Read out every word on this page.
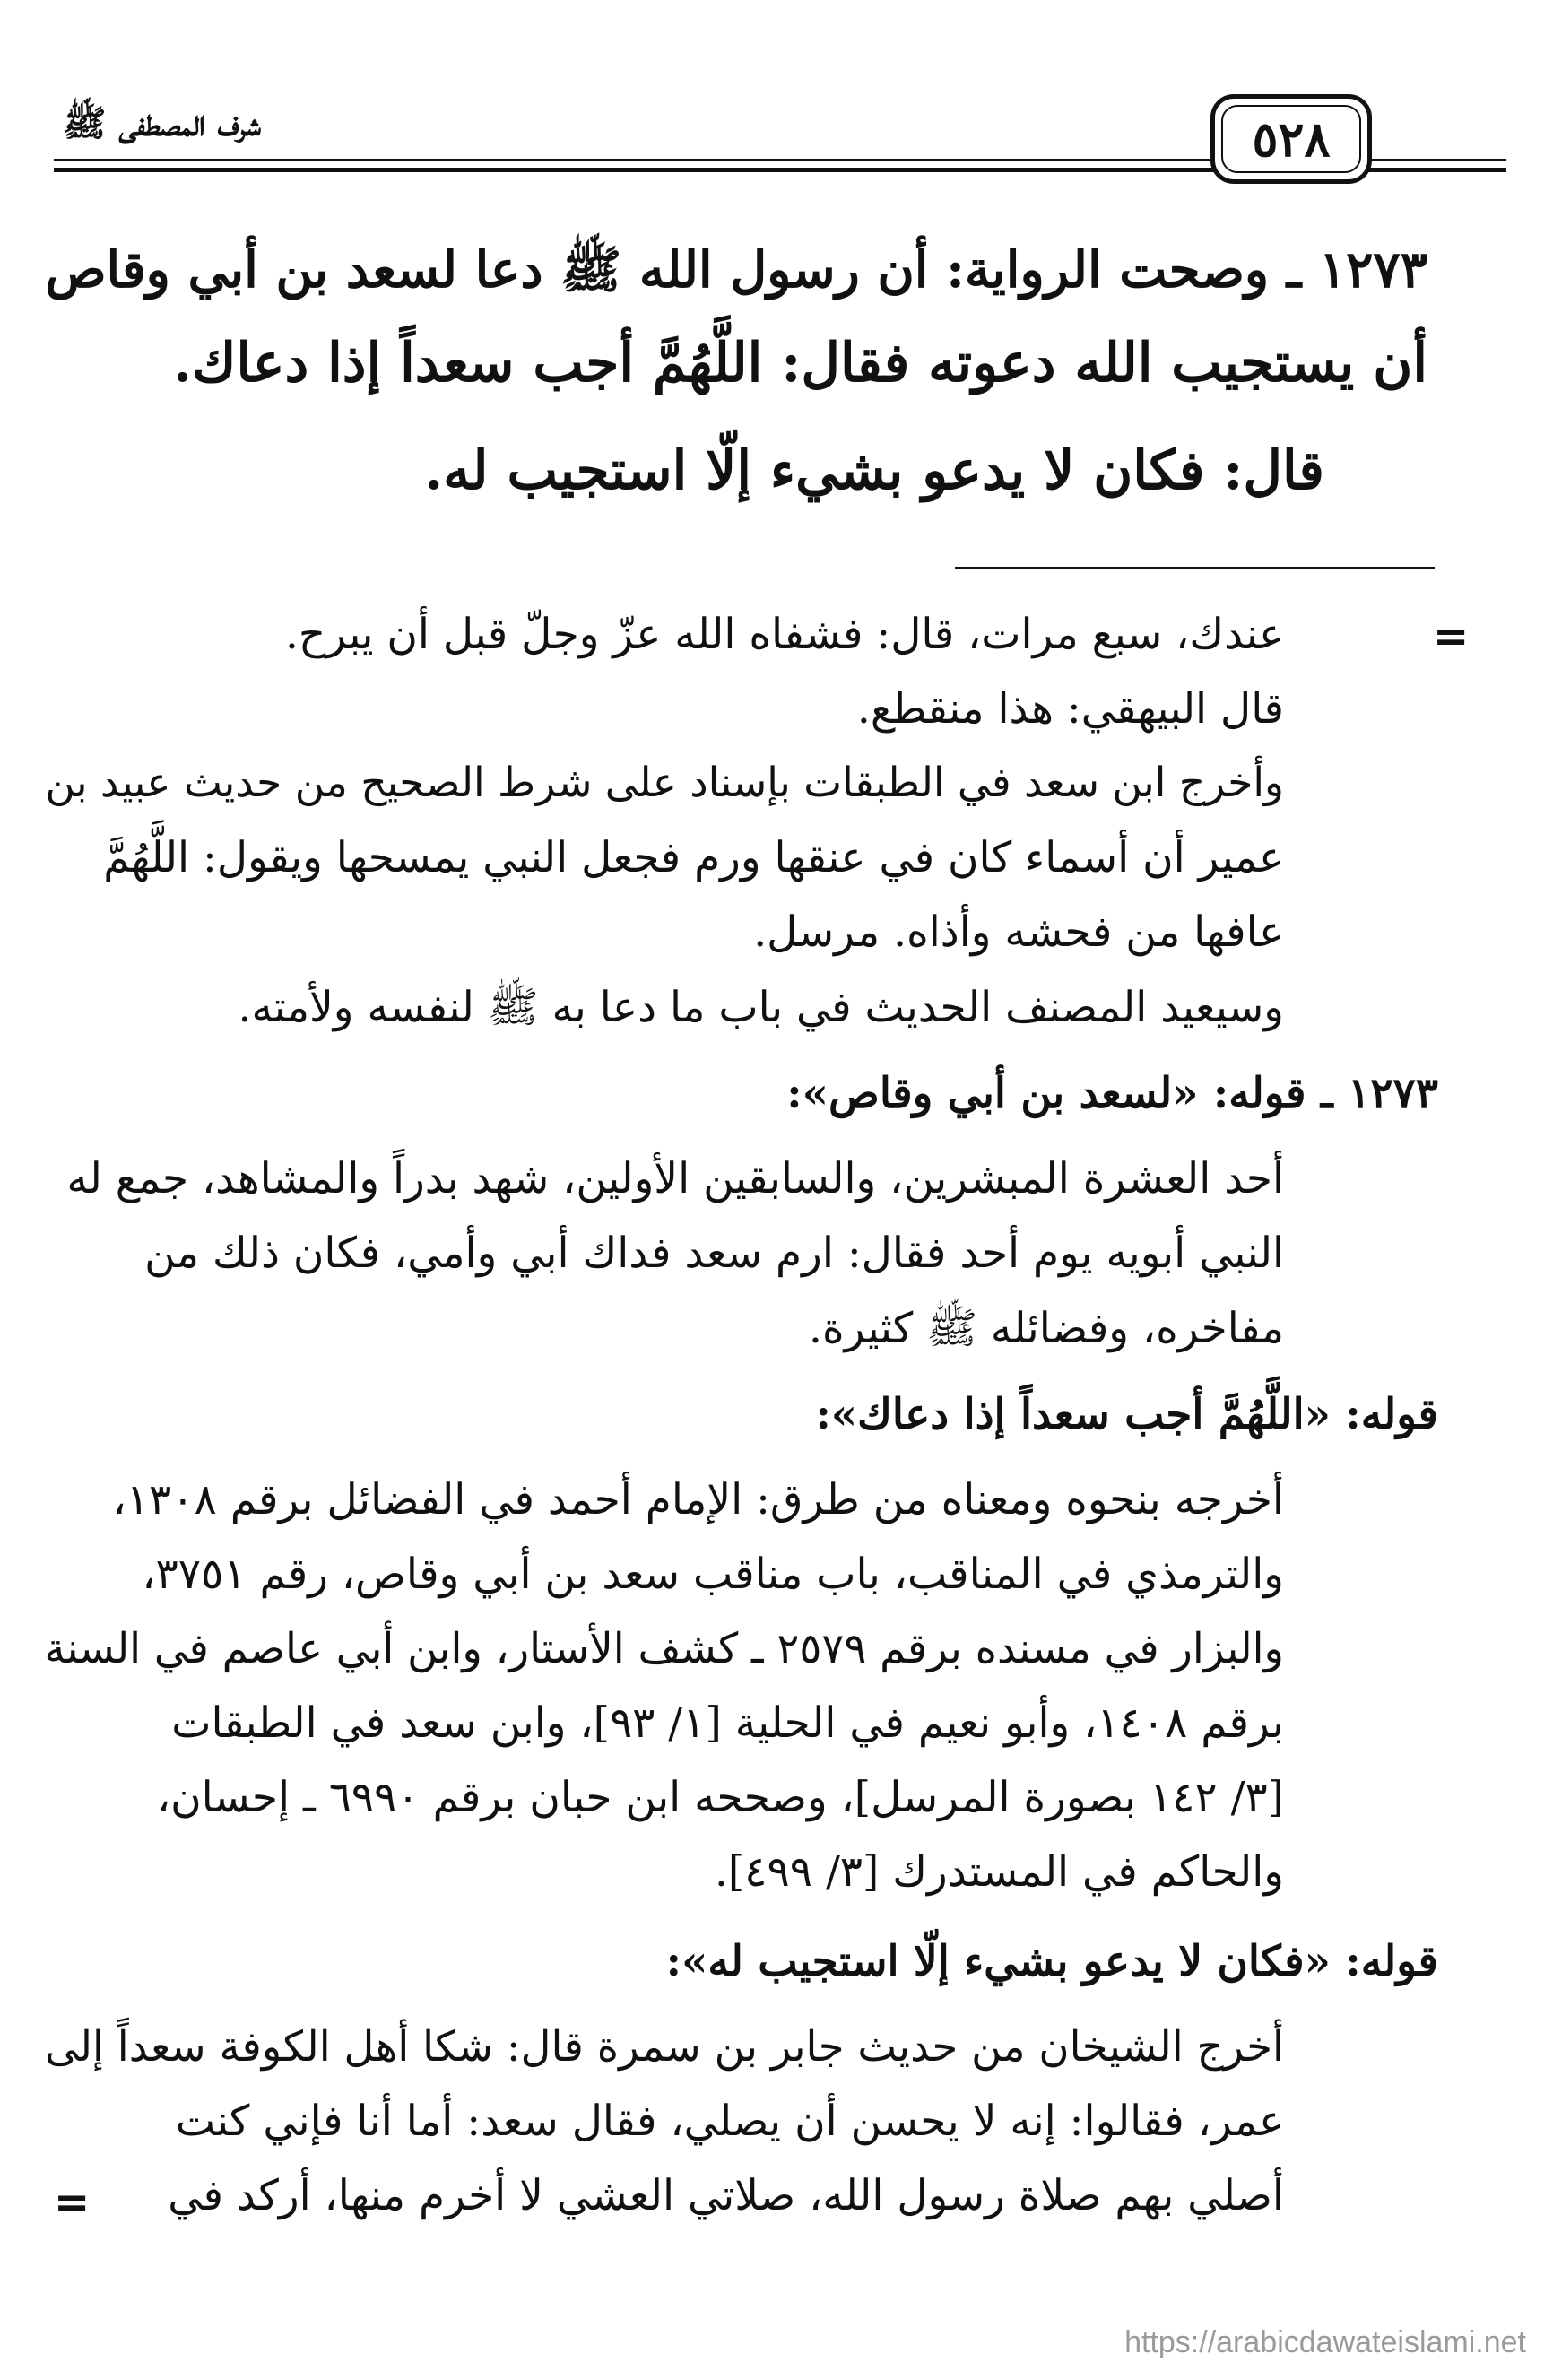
شرف المصطفى ﷺ	٥٢٨
١٢٧٣ ـ وصحت الرواية: أن رسول الله ﷺ دعا لسعد بن أبي وقاص
أن يستجيب الله دعوته فقال: اللَّهُمَّ أجب سعداً إذا دعاك.
قال: فكان لا يدعو بشيء إلّا استجيب له.
=
عندك، سبع مرات، قال: فشفاه الله عزّ وجلّ قبل أن يبرح.
قال البيهقي: هذا منقطع.
وأخرج ابن سعد في الطبقات بإسناد على شرط الصحيح من حديث عبيد بن
عمير أن أسماء كان في عنقها ورم فجعل النبي يمسحها ويقول: اللَّهُمَّ
عافها من فحشه وأذاه. مرسل.
وسيعيد المصنف الحديث في باب ما دعا به ﷺ لنفسه ولأمته.
١٢٧٣ ـ قوله: «لسعد بن أبي وقاص»:
أحد العشرة المبشرين، والسابقين الأولين، شهد بدراً والمشاهد، جمع له
النبي أبويه يوم أحد فقال: ارم سعد فداك أبي وأمي، فكان ذلك من
مفاخره، وفضائله ﷺ كثيرة.
قوله: «اللَّهُمَّ أجب سعداً إذا دعاك»:
أخرجه بنحوه ومعناه من طرق: الإمام أحمد في الفضائل برقم ١٣٠٨،
والترمذي في المناقب، باب مناقب سعد بن أبي وقاص، رقم ٣٧٥١،
والبزار في مسنده برقم ٢٥٧٩ ـ كشف الأستار، وابن أبي عاصم في السنة
برقم ١٤٠٨، وأبو نعيم في الحلية [١/ ٩٣]، وابن سعد في الطبقات
[٣/ ١٤٢ بصورة المرسل]، وصححه ابن حبان برقم ٦٩٩٠ ـ إحسان،
والحاكم في المستدرك [٣/ ٤٩٩].
قوله: «فكان لا يدعو بشيء إلّا استجيب له»:
أخرج الشيخان من حديث جابر بن سمرة قال: شكا أهل الكوفة سعداً إلى
عمر، فقالوا: إنه لا يحسن أن يصلي، فقال سعد: أما أنا فإني كنت
أصلي بهم صلاة رسول الله، صلاتي العشي لا أخرم منها، أركد في
=
https://arabicdawateislami.net
